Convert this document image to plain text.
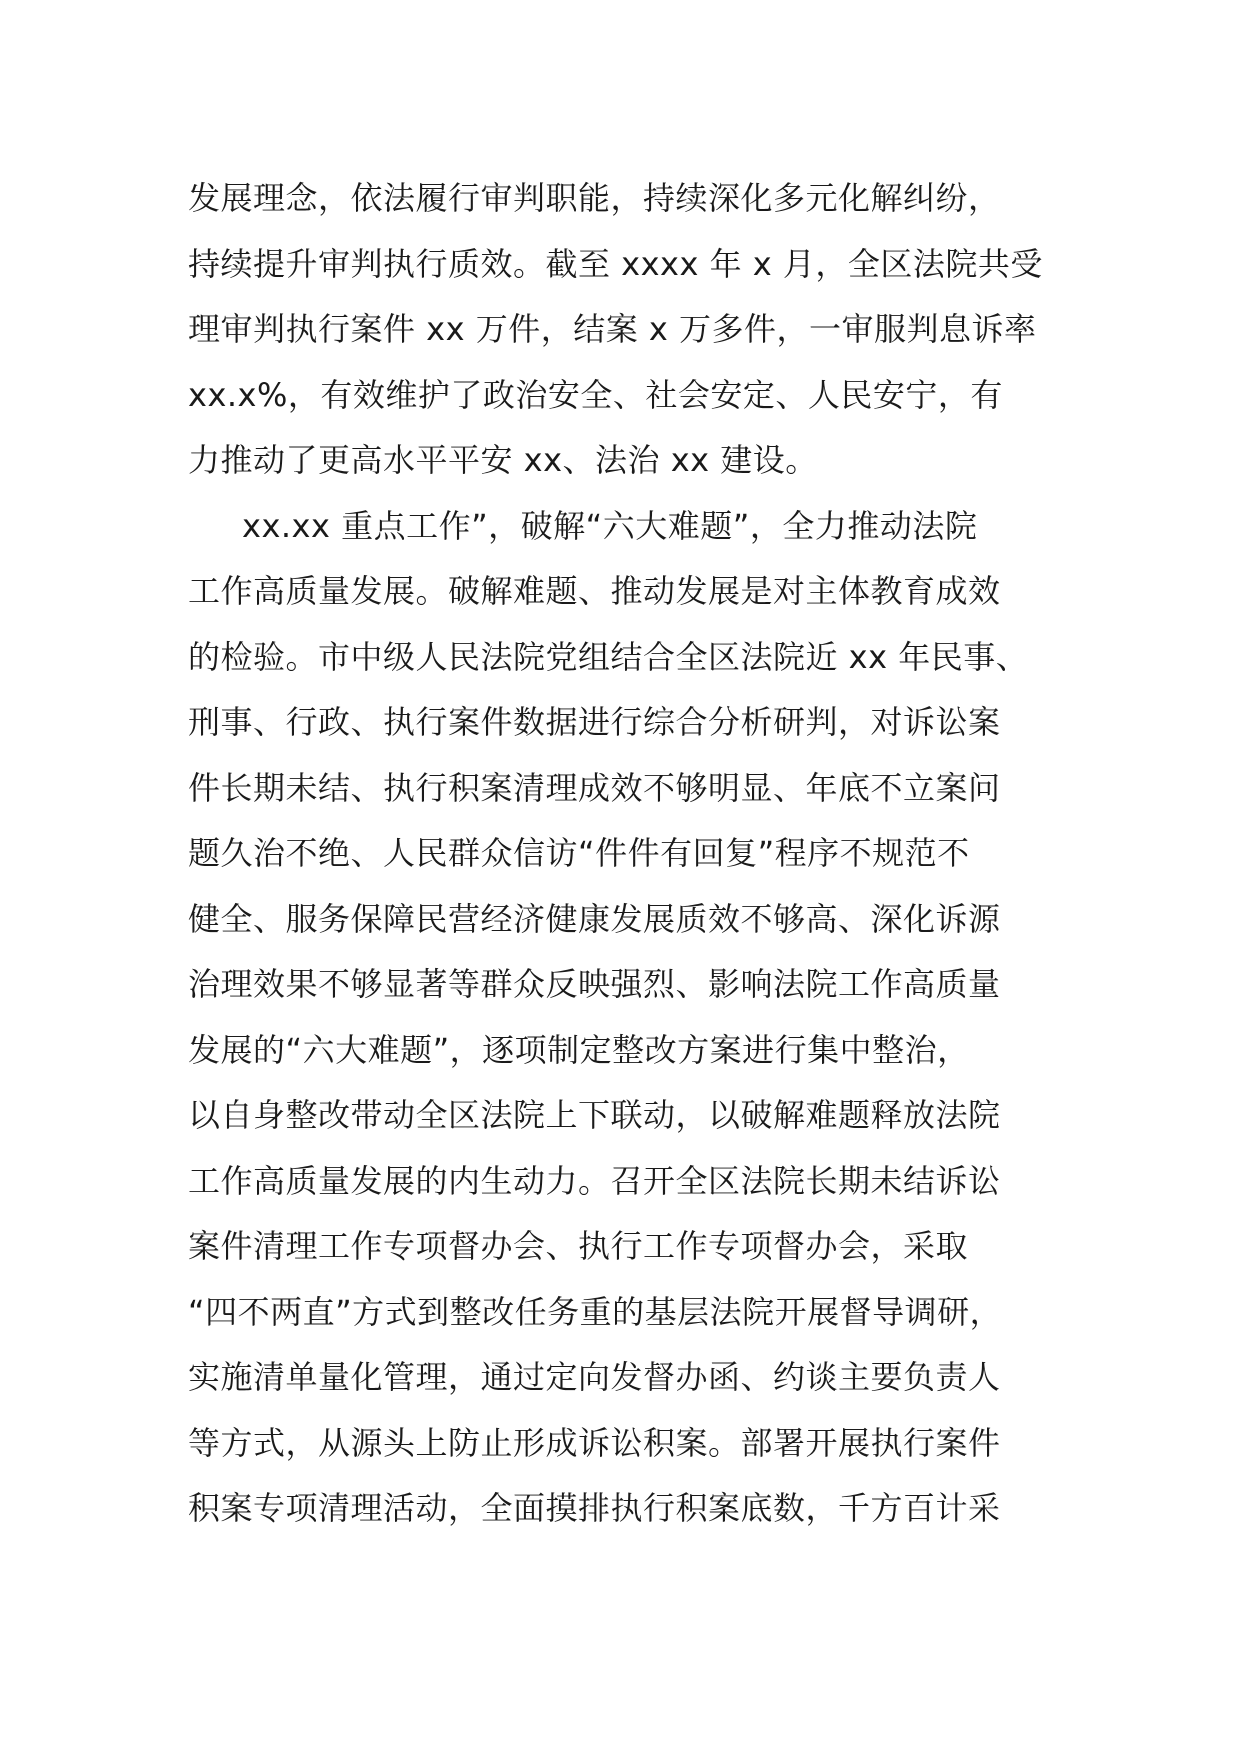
发展理念，依法履行审判职能，持续深化多元化解纠纷，
持续提升审判执行质效。截至 xxxx 年 x 月，全区法院共受
理审判执行案件 xx 万件，结案 x 万多件，一审服判息诉率
xx.x%，有效维护了政治安全、社会安定、人民安宁，有
力推动了更高水平平安 xx、法治 xx 建设。
xx.xx 重点工作”，破解“六大难题”，全力推动法院
工作高质量发展。破解难题、推动发展是对主体教育成效
的检验。市中级人民法院党组结合全区法院近 xx 年民事、
刑事、行政、执行案件数据进行综合分析研判，对诉讼案
件长期未结、执行积案清理成效不够明显、年底不立案问
题久治不绝、人民群众信访“件件有回复”程序不规范不
健全、服务保障民营经济健康发展质效不够高、深化诉源
治理效果不够显著等群众反映强烈、影响法院工作高质量
发展的“六大难题”，逐项制定整改方案进行集中整治，
以自身整改带动全区法院上下联动，以破解难题释放法院
工作高质量发展的内生动力。召开全区法院长期未结诉讼
案件清理工作专项督办会、执行工作专项督办会，采取
“四不两直”方式到整改任务重的基层法院开展督导调研，
实施清单量化管理，通过定向发督办函、约谈主要负责人
等方式，从源头上防止形成诉讼积案。部署开展执行案件
积案专项清理活动，全面摸排执行积案底数，千方百计采
